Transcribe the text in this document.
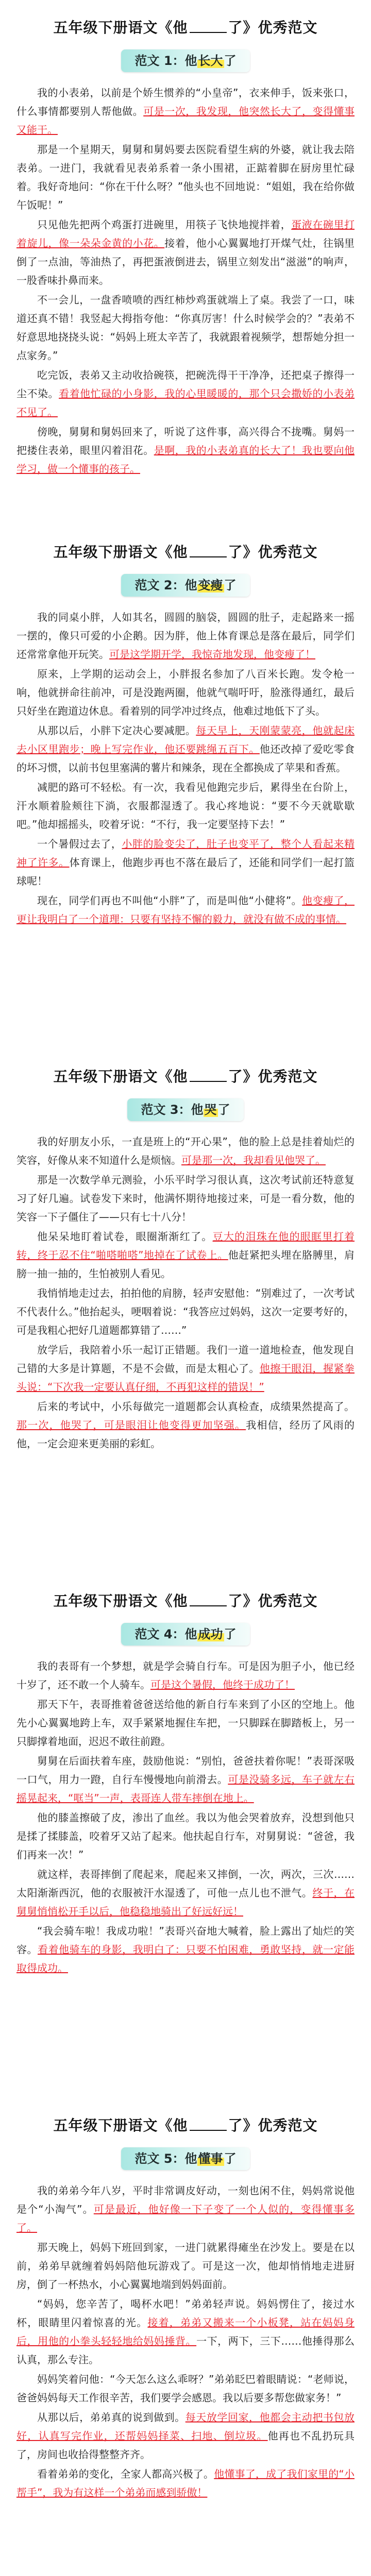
五年级下册语文《他	了》优秀范文
范文 1：他长大了

我的小表弟，以前是个娇生惯养的“小皇帝”，衣来伸手，饭来张口，什么事情都要别人帮他做。可是一次，我发现，他突然长大了，变得懂事又能干。

那是一个星期天，舅舅和舅妈要去医院看望生病的外婆，就让我去陪表弟。一进门，我就看见表弟系着一条小围裙，正踮着脚在厨房里忙碌着。我好奇地问：“你在干什么呀？”他头也不回地说：“姐姐，我在给你做午饭呢！”

只见他先把两个鸡蛋打进碗里，用筷子飞快地搅拌着，蛋液在碗里打着旋儿，像一朵朵金黄的小花。接着，他小心翼翼地打开煤气灶，往锅里倒了一点油，等油热了，再把蛋液倒进去，锅里立刻发出“滋滋”的响声，一股香味扑鼻而来。

不一会儿，一盘香喷喷的西红柿炒鸡蛋就端上了桌。我尝了一口，味道还真不错！我竖起大拇指夸他：“你真厉害！什么时候学会的？”表弟不好意思地挠挠头说：“妈妈上班太辛苦了，我就跟着视频学，想帮她分担一点家务。”

吃完饭，表弟又主动收拾碗筷，把碗洗得干干净净，还把桌子擦得一尘不染。看着他忙碌的小身影，我的心里暖暖的，那个只会撒娇的小表弟不见了。

傍晚，舅舅和舅妈回来了，听说了这件事，高兴得合不拢嘴。舅妈一把搂住表弟，眼里闪着泪花。是啊，我的小表弟真的长大了！我也要向他学习，做一个懂事的孩子。

五年级下册语文《他	了》优秀范文
范文 2：他变瘦了

我的同桌小胖，人如其名，圆圆的脑袋，圆圆的肚子，走起路来一摇一摆的，像只可爱的小企鹅。因为胖，他上体育课总是落在最后，同学们还常常拿他开玩笑。可是这学期开学，我惊奇地发现，他变瘦了！

原来，上学期的运动会上，小胖报名参加了八百米长跑。发令枪一响，他就拼命往前冲，可是没跑两圈，他就气喘吁吁，脸涨得通红，最后只好坐在跑道边休息。看着别的同学冲过终点，他难过地低下了头。

从那以后，小胖下定决心要减肥。每天早上，天刚蒙蒙亮，他就起床去小区里跑步；晚上写完作业，他还要跳绳五百下。他还改掉了爱吃零食的坏习惯，以前书包里塞满的薯片和辣条，现在全都换成了苹果和香蕉。

减肥的路可不轻松。有一次，我看见他跑完步后，累得坐在台阶上，汗水顺着脸颊往下淌，衣服都湿透了。我心疼地说：“要不今天就歇歇吧。”他却摇摇头，咬着牙说：“不行，我一定要坚持下去！”

一个暑假过去了，小胖的脸变尖了，肚子也变平了，整个人看起来精神了许多。体育课上，他跑步再也不落在最后了，还能和同学们一起打篮球呢！

现在，同学们再也不叫他“小胖”了，而是叫他“小健将”。他变瘦了，更让我明白了一个道理：只要有坚持不懈的毅力，就没有做不成的事情。

五年级下册语文《他	了》优秀范文
范文 3：他哭了

我的好朋友小乐，一直是班上的“开心果”，他的脸上总是挂着灿烂的笑容，好像从来不知道什么是烦恼。可是那一次，我却看见他哭了。

那是一次数学单元测验，小乐平时学习很认真，这次考试前还特意复习了好几遍。试卷发下来时，他满怀期待地接过来，可是一看分数，他的笑容一下子僵住了——只有七十八分！

他呆呆地盯着试卷，眼圈渐渐红了。豆大的泪珠在他的眼眶里打着转，终于忍不住“啪嗒啪嗒”地掉在了试卷上。他赶紧把头埋在胳膊里，肩膀一抽一抽的，生怕被别人看见。

我悄悄地走过去，拍拍他的肩膀，轻声安慰他：“别难过了，一次考试不代表什么。”他抬起头，哽咽着说：“我答应过妈妈，这次一定要考好的，可是我粗心把好几道题都算错了……”

放学后，我陪着小乐一起订正错题。我们一道一道地检查，他发现自己错的大多是计算题，不是不会做，而是太粗心了。他擦干眼泪，握紧拳头说：“下次我一定要认真仔细，不再犯这样的错误！”

后来的考试中，小乐每做完一道题都会认真检查，成绩果然提高了。那一次，他哭了，可是眼泪让他变得更加坚强。我相信，经历了风雨的他，一定会迎来更美丽的彩虹。

五年级下册语文《他	了》优秀范文
范文 4：他成功了

我的表哥有一个梦想，就是学会骑自行车。可是因为胆子小，他已经十岁了，还不敢一个人骑车。可是这个暑假，他终于成功了！

那天下午，表哥推着爸爸送给他的新自行车来到了小区的空地上。他先小心翼翼地跨上车，双手紧紧地握住车把，一只脚踩在脚踏板上，另一只脚撑着地面，迟迟不敢往前蹬。

舅舅在后面扶着车座，鼓励他说：“别怕，爸爸扶着你呢！”表哥深吸一口气，用力一蹬，自行车慢慢地向前滑去。可是没骑多远，车子就左右摇晃起来，“哐当”一声，表哥连人带车摔倒在地上。

他的膝盖擦破了皮，渗出了血丝。我以为他会哭着放弃，没想到他只是揉了揉膝盖，咬着牙又站了起来。他扶起自行车，对舅舅说：“爸爸，我们再来一次！”

就这样，表哥摔倒了爬起来，爬起来又摔倒，一次，两次，三次……太阳渐渐西沉，他的衣服被汗水湿透了，可他一点儿也不泄气。终于，在舅舅悄悄松开手以后，他稳稳地骑出了好远好远！

“我会骑车啦！我成功啦！”表哥兴奋地大喊着，脸上露出了灿烂的笑容。看着他骑车的身影，我明白了：只要不怕困难，勇敢坚持，就一定能取得成功。

五年级下册语文《他	了》优秀范文
范文 5：他懂事了

我的弟弟今年八岁，平时非常调皮好动，一刻也闲不住，妈妈常说他是个“小淘气”。可是最近，他好像一下子变了一个人似的，变得懂事多了。

那天晚上，妈妈下班回到家，一进门就累得瘫坐在沙发上。要是在以前，弟弟早就缠着妈妈陪他玩游戏了。可是这一次，他却悄悄地走进厨房，倒了一杯热水，小心翼翼地端到妈妈面前。

“妈妈，您辛苦了，喝杯水吧！”弟弟轻声说。妈妈愣住了，接过水杯，眼睛里闪着惊喜的光。接着，弟弟又搬来一个小板凳，站在妈妈身后，用他的小拳头轻轻地给妈妈捶背。一下，两下，三下……他捶得那么认真，那么专注。

妈妈笑着问他：“今天怎么这么乖呀？”弟弟眨巴着眼睛说：“老师说，爸爸妈妈每天工作很辛苦，我们要学会感恩。我以后要多帮您做家务！”

从那以后，弟弟真的说到做到。每天放学回家，他都会主动把书包放好，认真写完作业，还帮妈妈择菜、扫地、倒垃圾。他再也不乱扔玩具了，房间也收拾得整整齐齐。

看着弟弟的变化，全家人都高兴极了。他懂事了，成了我们家里的“小帮手”，我为有这样一个弟弟而感到骄傲！
